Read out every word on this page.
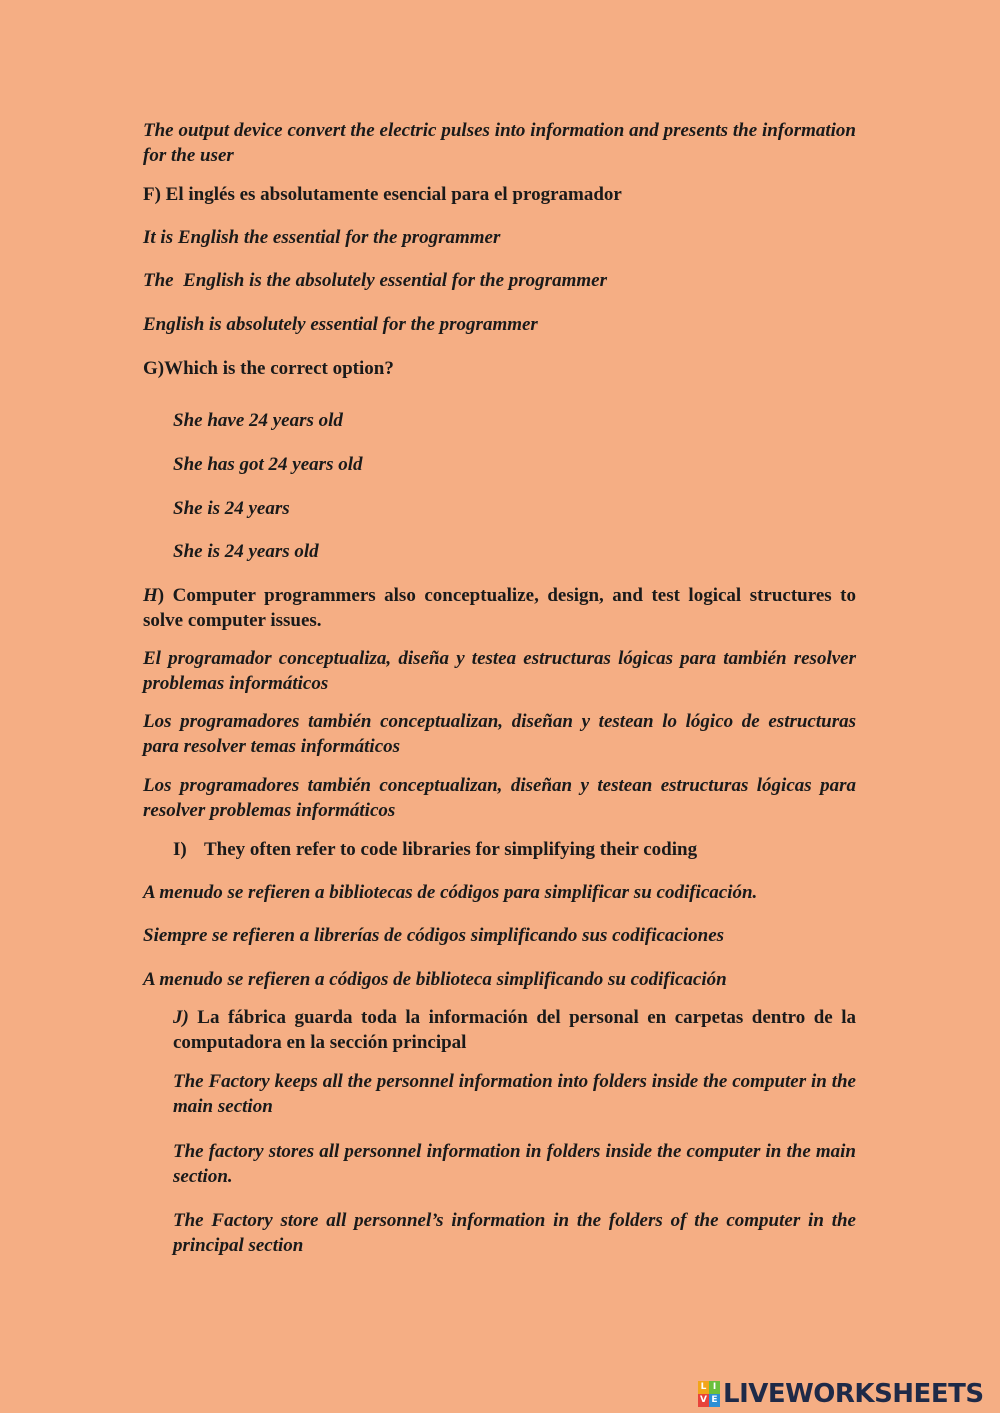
The output device convert the electric pulses into information and presents the information for the user

F) El inglés es absolutamente esencial para el programador

It is English the essential for the programmer

The  English is the absolutely essential for the programmer

English is absolutely essential for the programmer

G)Which is the correct option?

She have 24 years old

She has got 24 years old

She is 24 years

She is 24 years old

H) Computer programmers also conceptualize, design, and test logical structures to solve computer issues.

El programador conceptualiza, diseña y testea estructuras lógicas para también resolver problemas informáticos

Los programadores también conceptualizan, diseñan y testean lo lógico de estructuras para resolver temas informáticos

Los programadores también conceptualizan, diseñan y testean estructuras lógicas para resolver problemas informáticos

I) They often refer to code libraries for simplifying their coding

A menudo se refieren a bibliotecas de códigos para simplificar su codificación.

Siempre se refieren a librerías de códigos simplificando sus codificaciones

A menudo se refieren a códigos de biblioteca simplificando su codificación

J) La fábrica guarda toda la información del personal en carpetas dentro de la computadora en la sección principal

The Factory keeps all the personnel information into folders inside the computer in the main section

The factory stores all personnel information in folders inside the computer in the main section.

The Factory store all personnel’s information in the folders of the computer in the principal section

L I
V E LIVEWORKSHEETS
